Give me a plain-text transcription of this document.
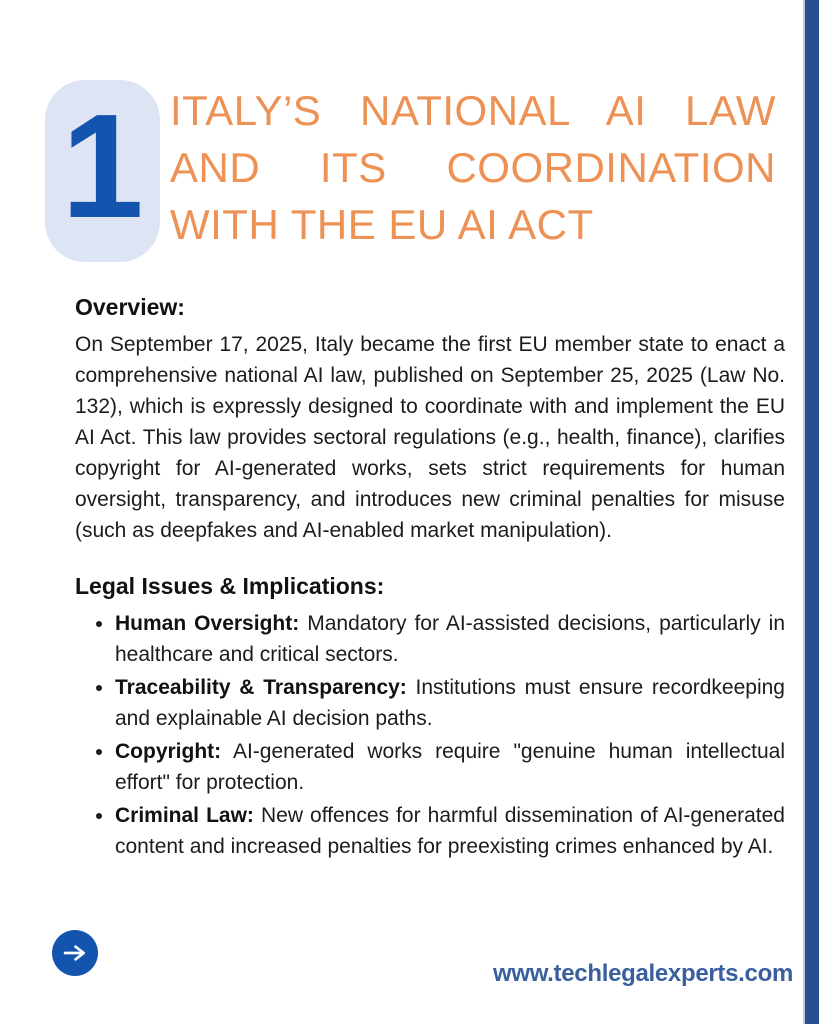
1 ITALY’S NATIONAL AI LAW
AND ITS COORDINATION
WITH THE EU AI ACT
Overview:

On September 17, 2025, Italy became the first EU member state to enact a comprehensive national AI law, published on September 25, 2025 (Law No. 132), which is expressly designed to coordinate with and implement the EU AI Act. This law provides sectoral regulations (e.g., health, finance), clarifies copyright for AI-generated works, sets strict requirements for human oversight, transparency, and introduces new criminal penalties for misuse (such as deepfakes and AI-enabled market manipulation).

Legal Issues & Implications:
• Human Oversight: Mandatory for AI-assisted decisions, particularly in healthcare and critical sectors.
• Traceability & Transparency: Institutions must ensure recordkeeping and explainable AI decision paths.
• Copyright: AI-generated works require "genuine human intellectual effort" for protection.
• Criminal Law: New offences for harmful dissemination of AI-generated content and increased penalties for preexisting crimes enhanced by AI.
www.techlegalexperts.com
